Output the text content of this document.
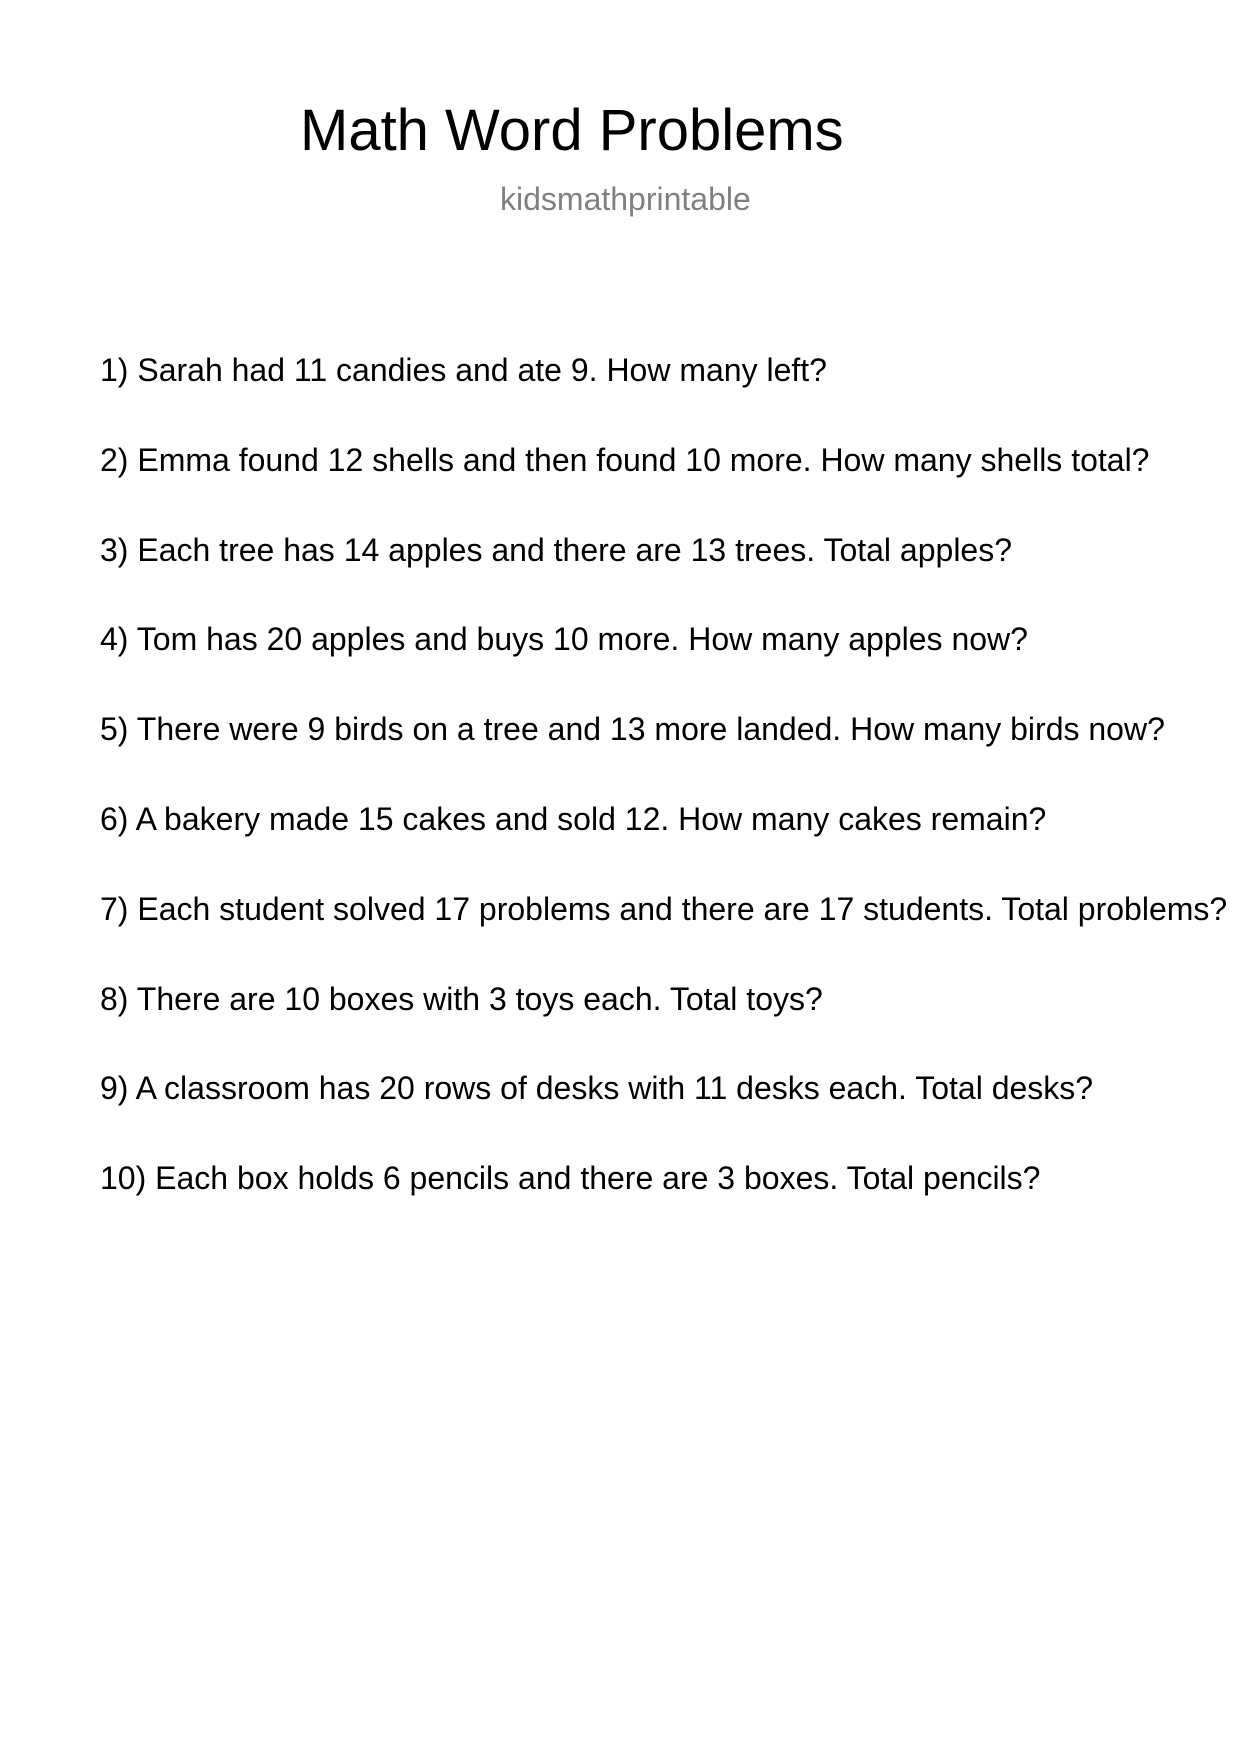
Math Word Problems
kidsmathprintable
1) Sarah had 11 candies and ate 9. How many left?
2) Emma found 12 shells and then found 10 more. How many shells total?
3) Each tree has 14 apples and there are 13 trees. Total apples?
4) Tom has 20 apples and buys 10 more. How many apples now?
5) There were 9 birds on a tree and 13 more landed. How many birds now?
6) A bakery made 15 cakes and sold 12. How many cakes remain?
7) Each student solved 17 problems and there are 17 students. Total problems?
8) There are 10 boxes with 3 toys each. Total toys?
9) A classroom has 20 rows of desks with 11 desks each. Total desks?
10) Each box holds 6 pencils and there are 3 boxes. Total pencils?
